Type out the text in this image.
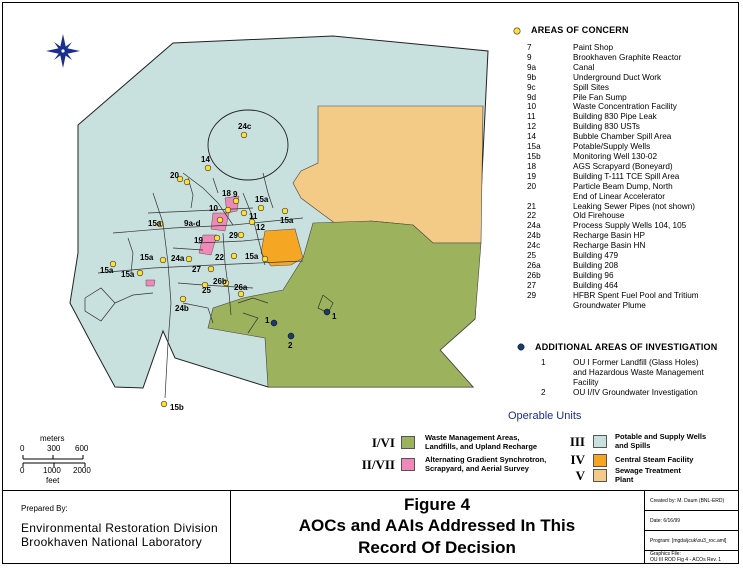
24c
14
20
18 9
10
15a
15a
15a	9a-d
11
12
19
29
22	15a
24a
27
15a
15a 15a
25
26b
26a
24b
15b
1
1
2
AREAS OF CONCERN
7	Paint Shop
9	Brookhaven Graphite Reactor
9a	Canal
9b	Underground Duct Work
9c	Spill Sites
9d	Pile Fan Sump
10	Waste Concentration Facility
11	Building 830 Pipe Leak
12	Building 830 USTs
14	Bubble Chamber Spill Area
15a	Potable/Supply Wells
15b	Monitoring Well 130-02
18	AGS Scrapyard (Boneyard)
19	Building T-111 TCE Spill Area
20	Particle Beam Dump, North
End of Linear Accelerator
21	Leaking Sewer Pipes (not shown)
22	Old Firehouse
24a	Process Supply Wells 104, 105
24b	Recharge Basin HP
24c	Recharge Basin HN
25	Building 479
26a	Building 208
26b	Building 96
27	Building 464
29	HFBR Spent Fuel Pool and Tritium
Groundwater Plume
ADDITIONAL AREAS OF INVESTIGATION
1	OU I Former Landfill (Glass Holes)
and Hazardous Waste Management
Facility
2	OU I/IV Groundwater Investigation
Operable Units
I/VI	Waste Management Areas,
Landfills, and Upland Recharge
II/VII	Alternating Gradient Synchrotron,
Scrapyard, and Aerial Survey
III	Potable and Supply Wells
and Spills
IV	Central Steam Facility
V	Sewage Treatment
Plant
meters
0	300 600
0 1000 2000
feet
Prepared By:
Environmental Restoration Division
Brookhaven National Laboratory
Figure 4
AOCs and AAIs Addressed In This
Record Of Decision
Created by: M. Daum (BNL-ERD)
Date: 6/16/99
Program: [mgda\jcuk\ou3_roc.aml]
Graphics File:
OU III ROD Fig 4 - ACOs Rev. 1
